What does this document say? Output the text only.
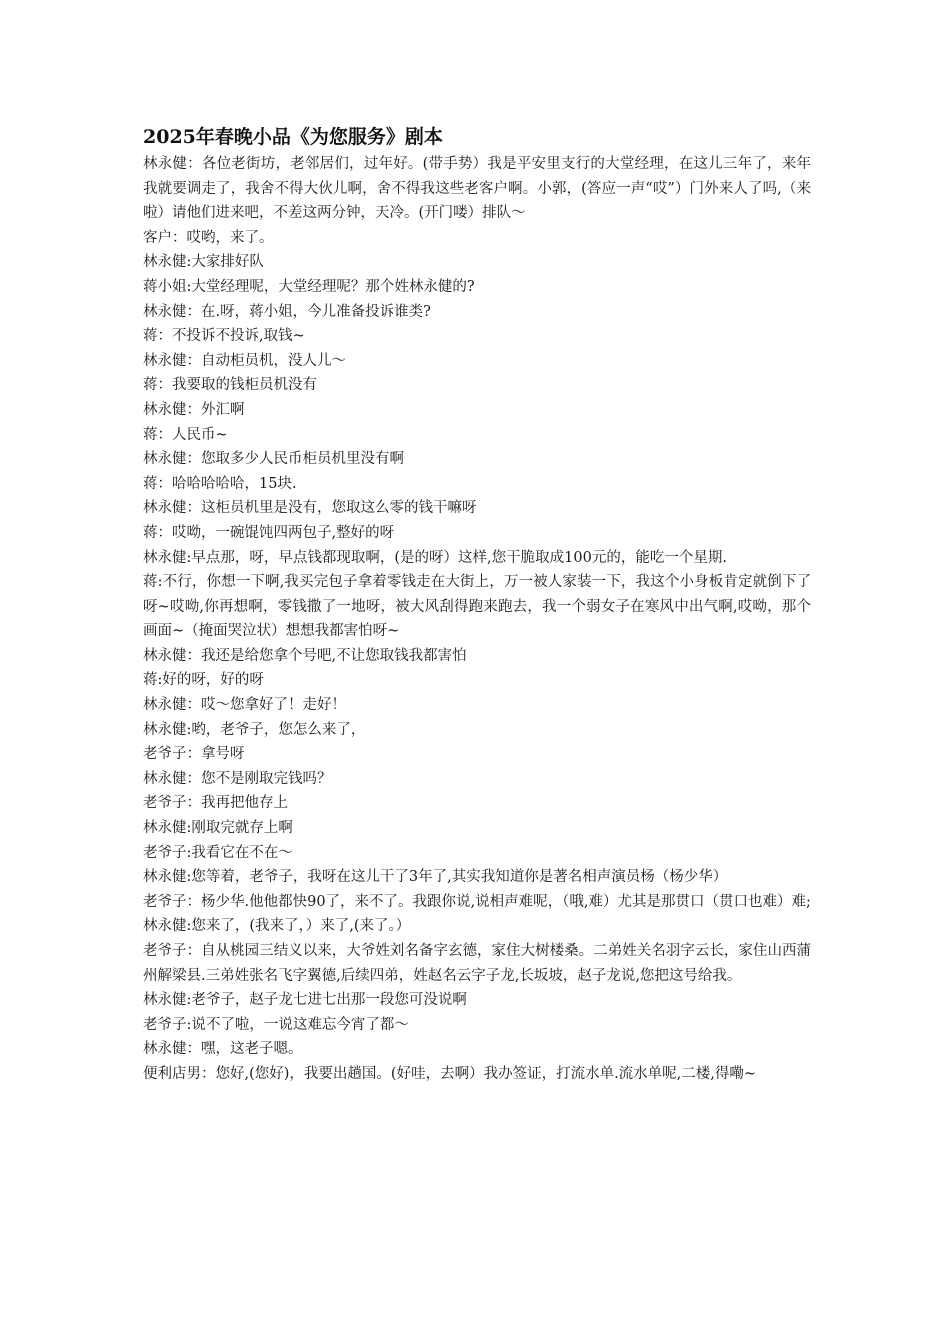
2025年春晚小品《为您服务》剧本

林永健：各位老街坊，老邻居们，过年好。(带手势）我是平安里支行的大堂经理，在这儿三年了，来年我就要调走了，我舍不得大伙儿啊，舍不得我这些老客户啊。小郭，(答应一声“哎”）门外来人了吗,（来啦）请他们进来吧，不差这两分钟，天冷。(开门喽）排队～

客户：哎哟，来了。

林永健:大家排好队

蒋小姐:大堂经理呢，大堂经理呢？那个姓林永健的?

林永健：在.呀，蒋小姐，今儿准备投诉谁类?

蒋：不投诉不投诉,取钱~

林永健：自动柜员机，没人儿～

蒋：我要取的钱柜员机没有

林永健：外汇啊

蒋：人民币~

林永健：您取多少人民币柜员机里没有啊

蒋：哈哈哈哈哈，15块.

林永健：这柜员机里是没有，您取这么零的钱干嘛呀

蒋：哎呦，一碗馄饨四两包子,整好的呀

林永健:早点那，呀，早点钱都现取啊，(是的呀）这样,您干脆取成100元的，能吃一个星期.

蒋:不行，你想一下啊,我买完包子拿着零钱走在大街上，万一被人家装一下，我这个小身板肯定就倒下了呀~哎呦,你再想啊，零钱撒了一地呀，被大风刮得跑来跑去，我一个弱女子在寒风中出气啊,哎呦，那个画面~（掩面哭泣状）想想我都害怕呀~

林永健：我还是给您拿个号吧,不让您取钱我都害怕

蒋:好的呀，好的呀

林永健：哎～您拿好了！走好！

林永健:哟，老爷子，您怎么来了，

老爷子：拿号呀

林永健：您不是刚取完钱吗？

老爷子：我再把他存上

林永健:刚取完就存上啊

老爷子:我看它在不在～

林永健:您等着，老爷子，我呀在这儿干了3年了,其实我知道你是著名相声演员杨（杨少华）

老爷子：杨少华.他他都快90了，来不了。我跟你说,说相声难呢，（哦,难）尤其是那贯口（贯口也难）难;

林永健:您来了，(我来了，）来了,(来了。）

老爷子：自从桃园三结义以来，大爷姓刘名备字玄德，家住大树楼桑。二弟姓关名羽字云长，家住山西蒲州解梁县.三弟姓张名飞字翼德,后续四弟，姓赵名云字子龙,长坂坡，赵子龙说,您把这号给我。

林永健:老爷子，赵子龙七进七出那一段您可没说啊

老爷子:说不了啦，一说这难忘今宵了都～

林永健：嘿，这老子嗯。

便利店男：您好,(您好)，我要出趟国。(好哇，去啊）我办签证，打流水单.流水单呢,二楼,得嘞~
